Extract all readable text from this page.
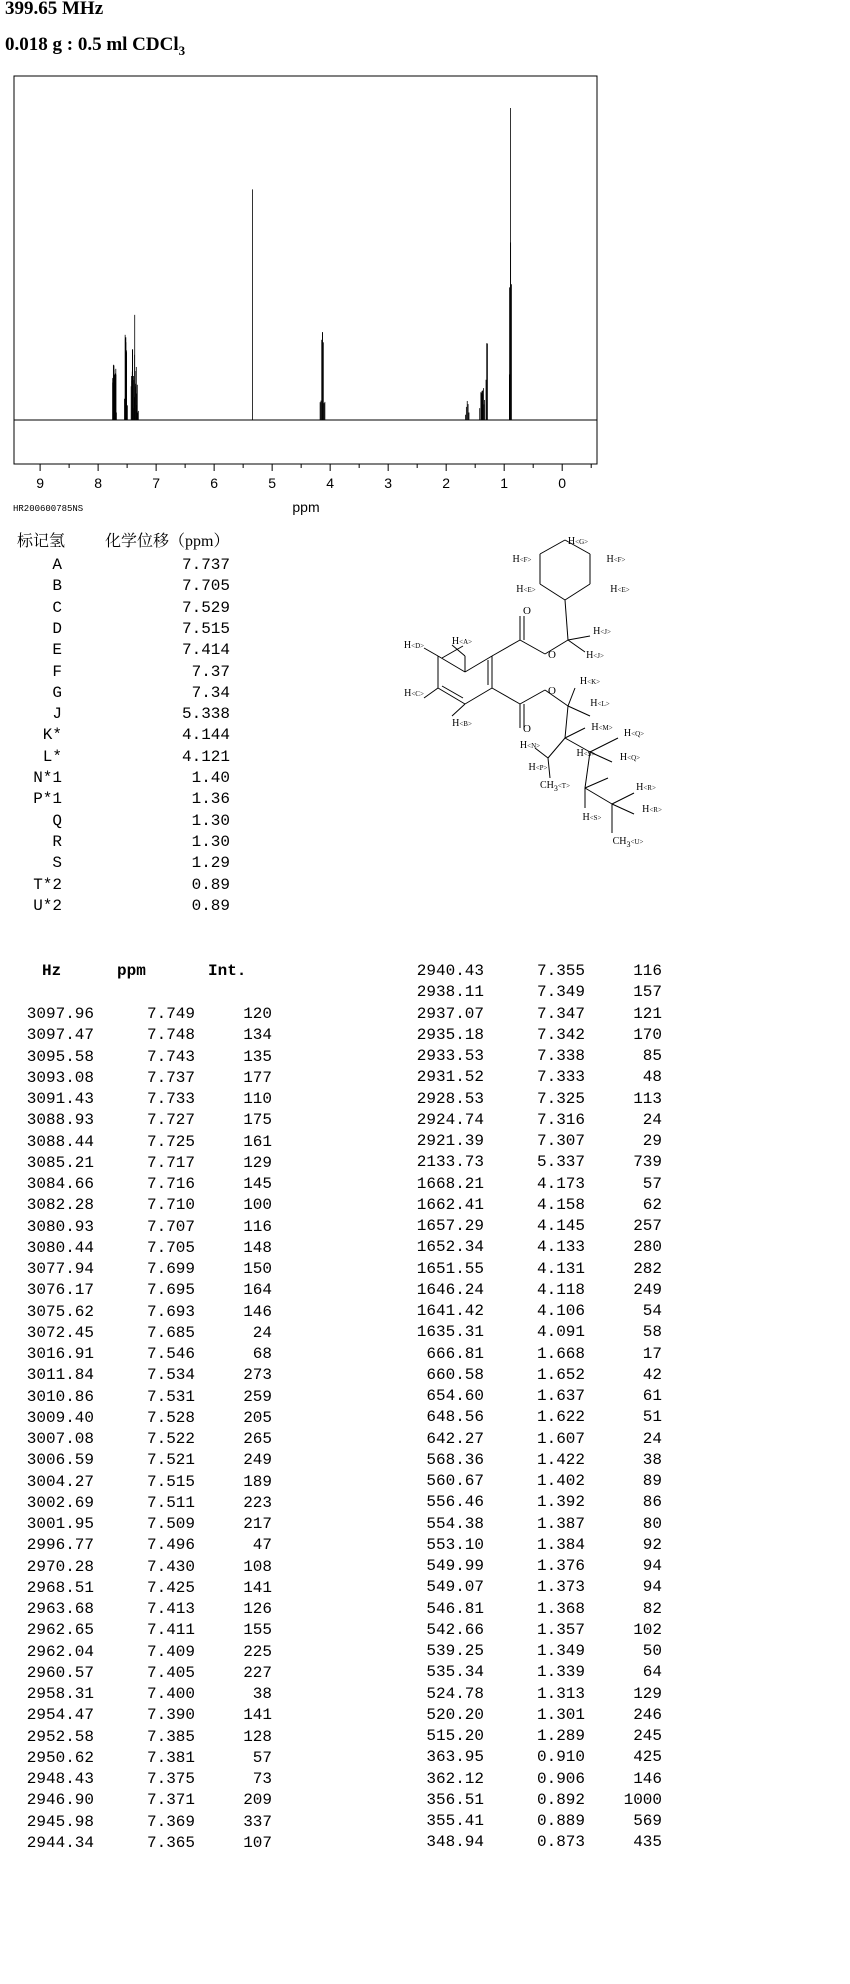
399.65 MHz
0.018 g : 0.5 ml CDCl$_3$
9	8	7	6	5	4	3	2	1	0
ppm
HR200600785NS
标记氢	化学位移（ppm）
A	7.737
B	7.705
C	7.529
D	7.515
E	7.414
F	7.37
G	7.34
J	5.338
K*	4.144
L*	4.121
N*1	1.40
P*1	1.36
Q	1.30
R	1.30
S	1.29
T*2	0.89
U*2	0.89
O
O
O
O
H<A>
H<B>
H<C>
H<D>
H<E>
H<F>
H<G>
H<F>
H<E>
H<J>
H<J>
H<K>
H<L>
H<M>
H<N>
H<P>
$CH_3^{<T>}$
H<Q>
H<Q>
H<S>
H<S>
H<R>
H<R>
$CH_3^{<U>}$
Hz	ppm	Int.
3097.96	7.749	120
3097.47	7.748	134
3095.58	7.743	135
3093.08	7.737	177
3091.43	7.733	110
3088.93	7.727	175
3088.44	7.725	161
3085.21	7.717	129
3084.66	7.716	145
3082.28	7.710	100
3080.93	7.707	116
3080.44	7.705	148
3077.94	7.699	150
3076.17	7.695	164
3075.62	7.693	146
3072.45	7.685	24
3016.91	7.546	68
3011.84	7.534	273
3010.86	7.531	259
3009.40	7.528	205
3007.08	7.522	265
3006.59	7.521	249
3004.27	7.515	189
3002.69	7.511	223
3001.95	7.509	217
2996.77	7.496	47
2970.28	7.430	108
2968.51	7.425	141
2963.68	7.413	126
2962.65	7.411	155
2962.04	7.409	225
2960.57	7.405	227
2958.31	7.400	38
2954.47	7.390	141
2952.58	7.385	128
2950.62	7.381	57
2948.43	7.375	73
2946.90	7.371	209
2945.98	7.369	337
2944.34	7.365	107
2940.43	7.355	116
2938.11	7.349	157
2937.07	7.347	121
2935.18	7.342	170
2933.53	7.338	85
2931.52	7.333	48
2928.53	7.325	113
2924.74	7.316	24
2921.39	7.307	29
2133.73	5.337	739
1668.21	4.173	57
1662.41	4.158	62
1657.29	4.145	257
1652.34	4.133	280
1651.55	4.131	282
1646.24	4.118	249
1641.42	4.106	54
1635.31	4.091	58
666.81	1.668	17
660.58	1.652	42
654.60	1.637	61
648.56	1.622	51
642.27	1.607	24
568.36	1.422	38
560.67	1.402	89
556.46	1.392	86
554.38	1.387	80
553.10	1.384	92
549.99	1.376	94
549.07	1.373	94
546.81	1.368	82
542.66	1.357	102
539.25	1.349	50
535.34	1.339	64
524.78	1.313	129
520.20	1.301	246
515.20	1.289	245
363.95	0.910	425
362.12	0.906	146
356.51	0.892	1000
355.41	0.889	569
348.94	0.873	435
